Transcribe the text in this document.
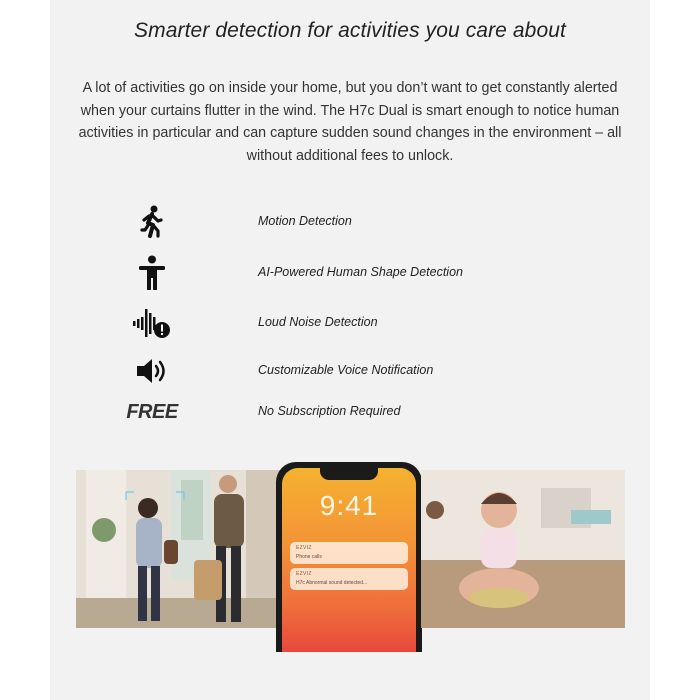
Smarter detection for activities you care about
A lot of activities go on inside your home, but you don’t want to get constantly alerted when your curtains flutter in the wind. The H7c Dual is smart enough to notice human activities in particular and can capture sudden sound changes in the environment – all without additional fees to unlock.
Motion Detection
AI-Powered Human Shape Detection
Loud Noise Detection
Customizable Voice Notification
FREE	No Subscription Required
9:41
EZVIZ
Phone calls
EZVIZ
H7c Abnormal sound detected...
